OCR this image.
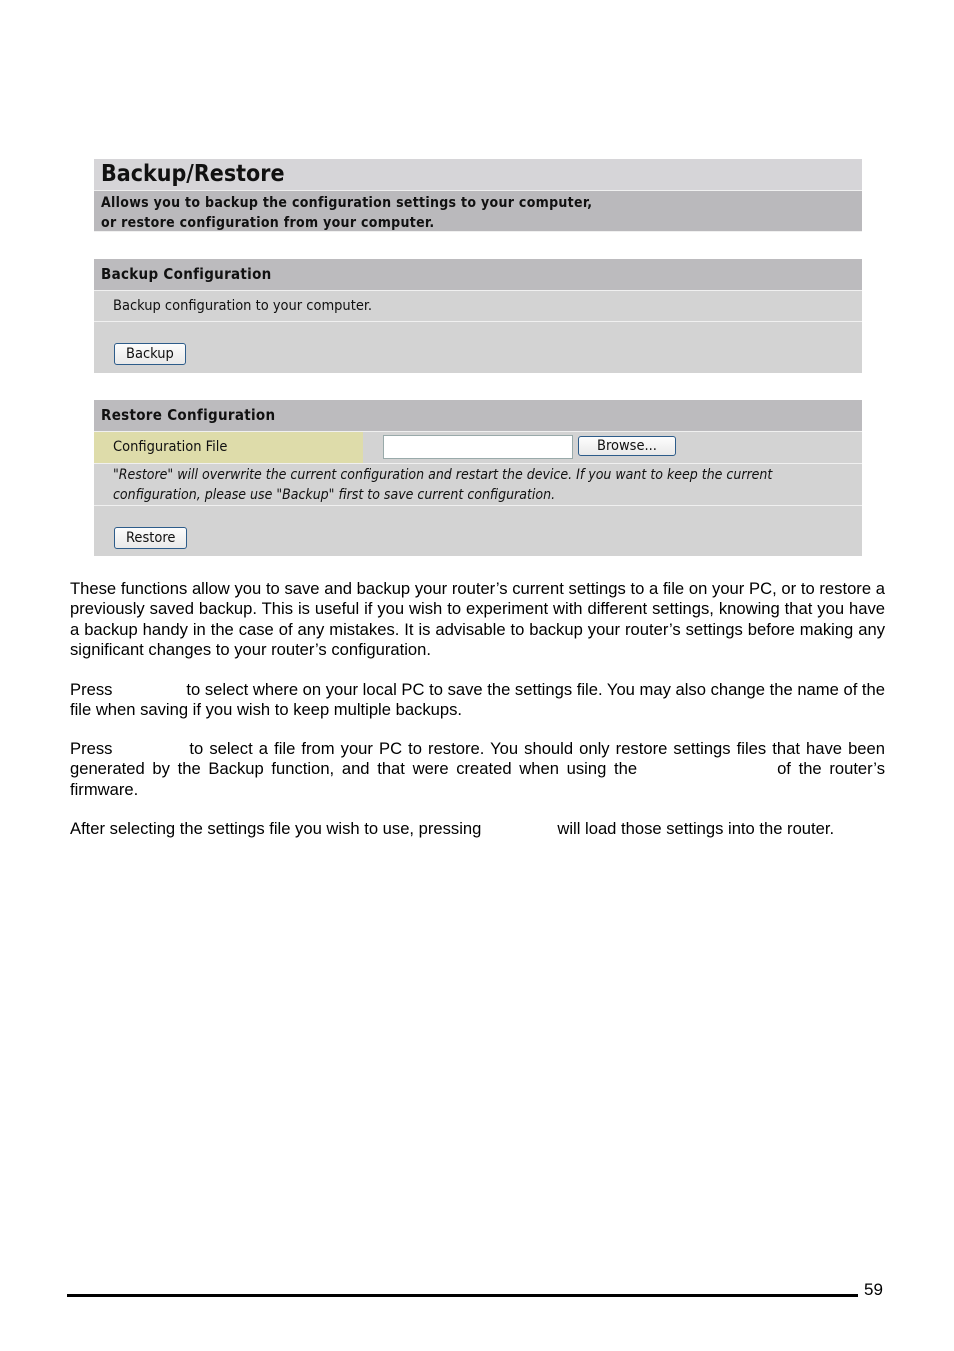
Backup/Restore
Allows you to backup the configuration settings to your computer,
or restore configuration from your computer.
Backup Configuration
Backup configuration to your computer.
Backup
Restore Configuration
Configuration File	Browse...
"Restore" will overwrite the current configuration and restart the device. If you want to keep the current configuration, please use "Backup" first to save current configuration.
Restore

These functions allow you to save and backup your router’s current settings to a file on your PC, or to restore a previously saved backup. This is useful if you wish to experiment with different settings, knowing that you have a backup handy in the case of any mistakes. It is advisable to backup your router’s settings before making any significant changes to your router’s configuration.

Press	to select where on your local PC to save the settings file. You may also change the name of the file when saving if you wish to keep multiple backups.

Press	to select a file from your PC to restore. You should only restore settings files that have been generated by the Backup function, and that were created when using the	of the router’s firmware.

After selecting the settings file you wish to use, pressing	will load those settings into the router.

59
